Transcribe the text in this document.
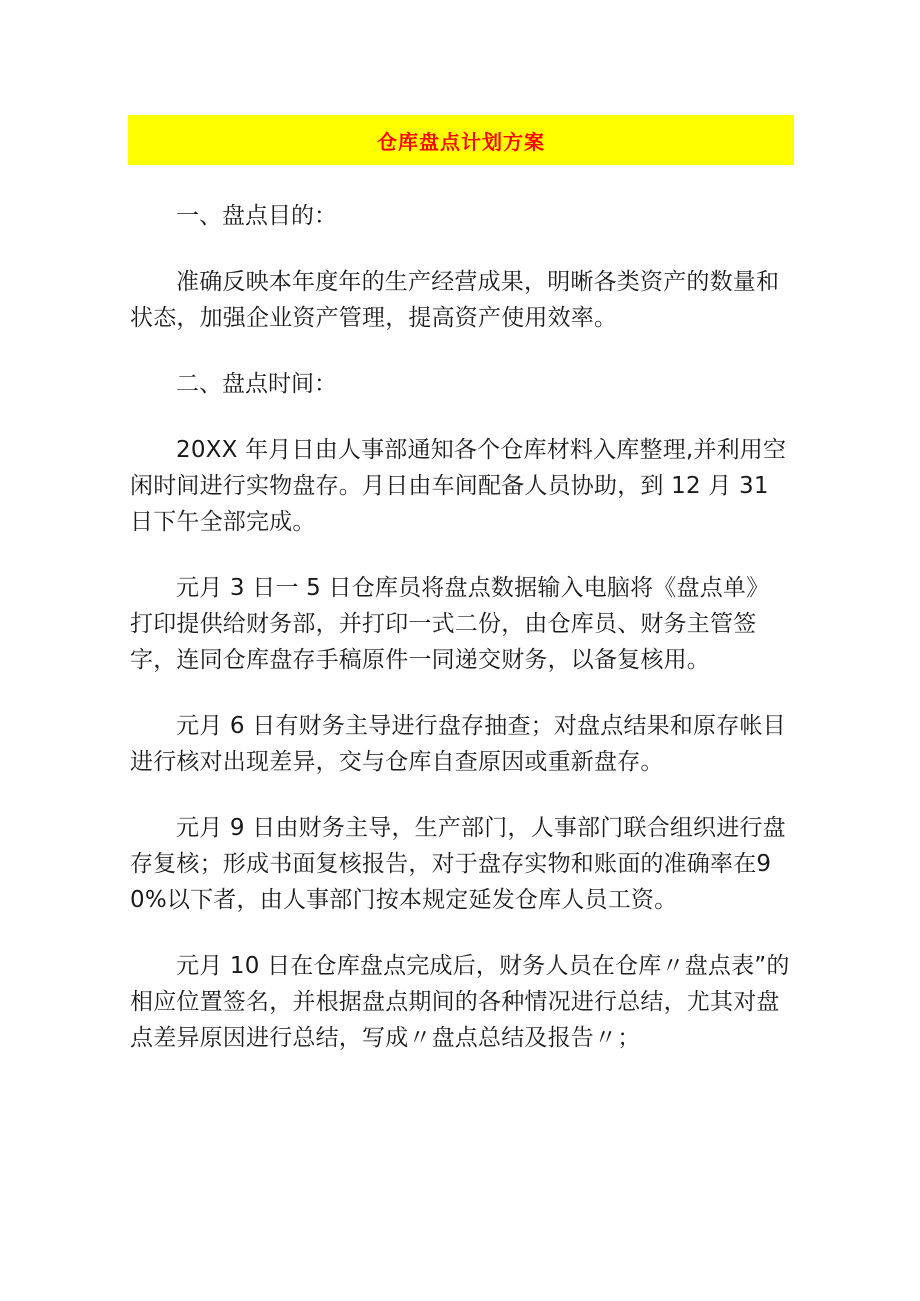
仓库盘点计划方案

一、盘点目的：

准确反映本年度年的生产经营成果，明晰各类资产的数量和状态，加强企业资产管理，提高资产使用效率。

二、盘点时间：

20XX 年月日由人事部通知各个仓库材料入库整理,并利用空闲时间进行实物盘存。月日由车间配备人员协助，到 12 月 31 日下午全部完成。

元月 3 日一 5 日仓库员将盘点数据输入电脑将《盘点单》打印提供给财务部，并打印一式二份，由仓库员、财务主管签字，连同仓库盘存手稿原件一同递交财务，以备复核用。

元月 6 日有财务主导进行盘存抽查；对盘点结果和原存帐目进行核对出现差异，交与仓库自查原因或重新盘存。

元月 9 日由财务主导，生产部门，人事部门联合组织进行盘存复核；形成书面复核报告，对于盘存实物和账面的准确率在90%以下者，由人事部门按本规定延发仓库人员工资。

元月 10 日在仓库盘点完成后，财务人员在仓库〃盘点表”的相应位置签名，并根据盘点期间的各种情况进行总结，尤其对盘点差异原因进行总结，写成〃盘点总结及报告〃；
